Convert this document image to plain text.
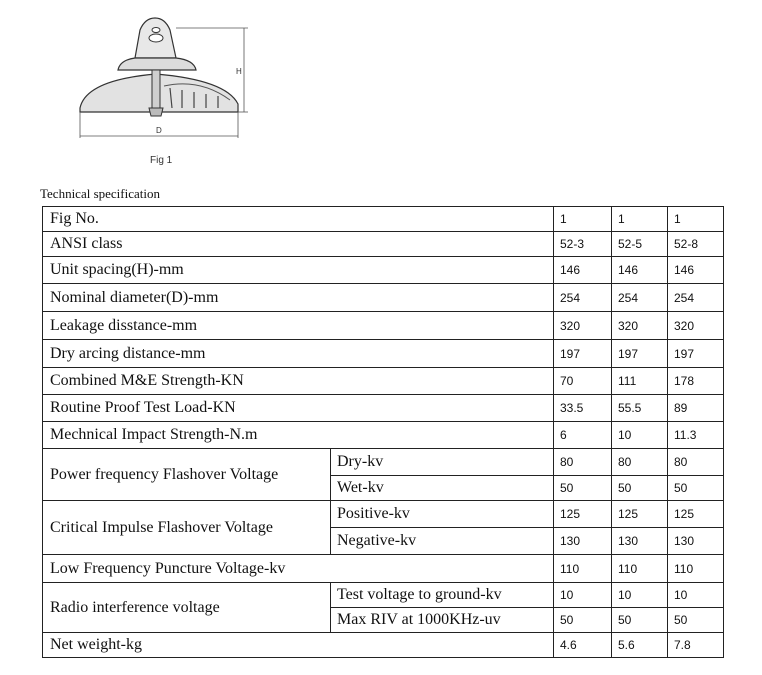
H
D
Fig 1
Technical specification
Fig No.		1	1	1
ANSI class		52-3	52-5	52-8
Unit spacing(H)-mm		146	146	146
Nominal diameter(D)-mm		254	254	254
Leakage disstance-mm		320	320	320
Dry arcing distance-mm		197	197	197
Combined M&E Strength-KN		70	111	178
Routine Proof Test Load-KN		33.5	55.5	89
Mechnical Impact Strength-N.m		6	10	11.3
Power frequency Flashover Voltage	Dry-kv	80	80	80
	Wet-kv	50	50	50
Critical Impulse Flashover Voltage	Positive-kv	125	125	125
	Negative-kv	130	130	130
Low Frequency Puncture Voltage-kv		110	110	110
Radio interference voltage	Test voltage to ground-kv	10	10	10
	Max RIV at 1000KHz-uv	50	50	50
Net weight-kg		4.6	5.6	7.8
